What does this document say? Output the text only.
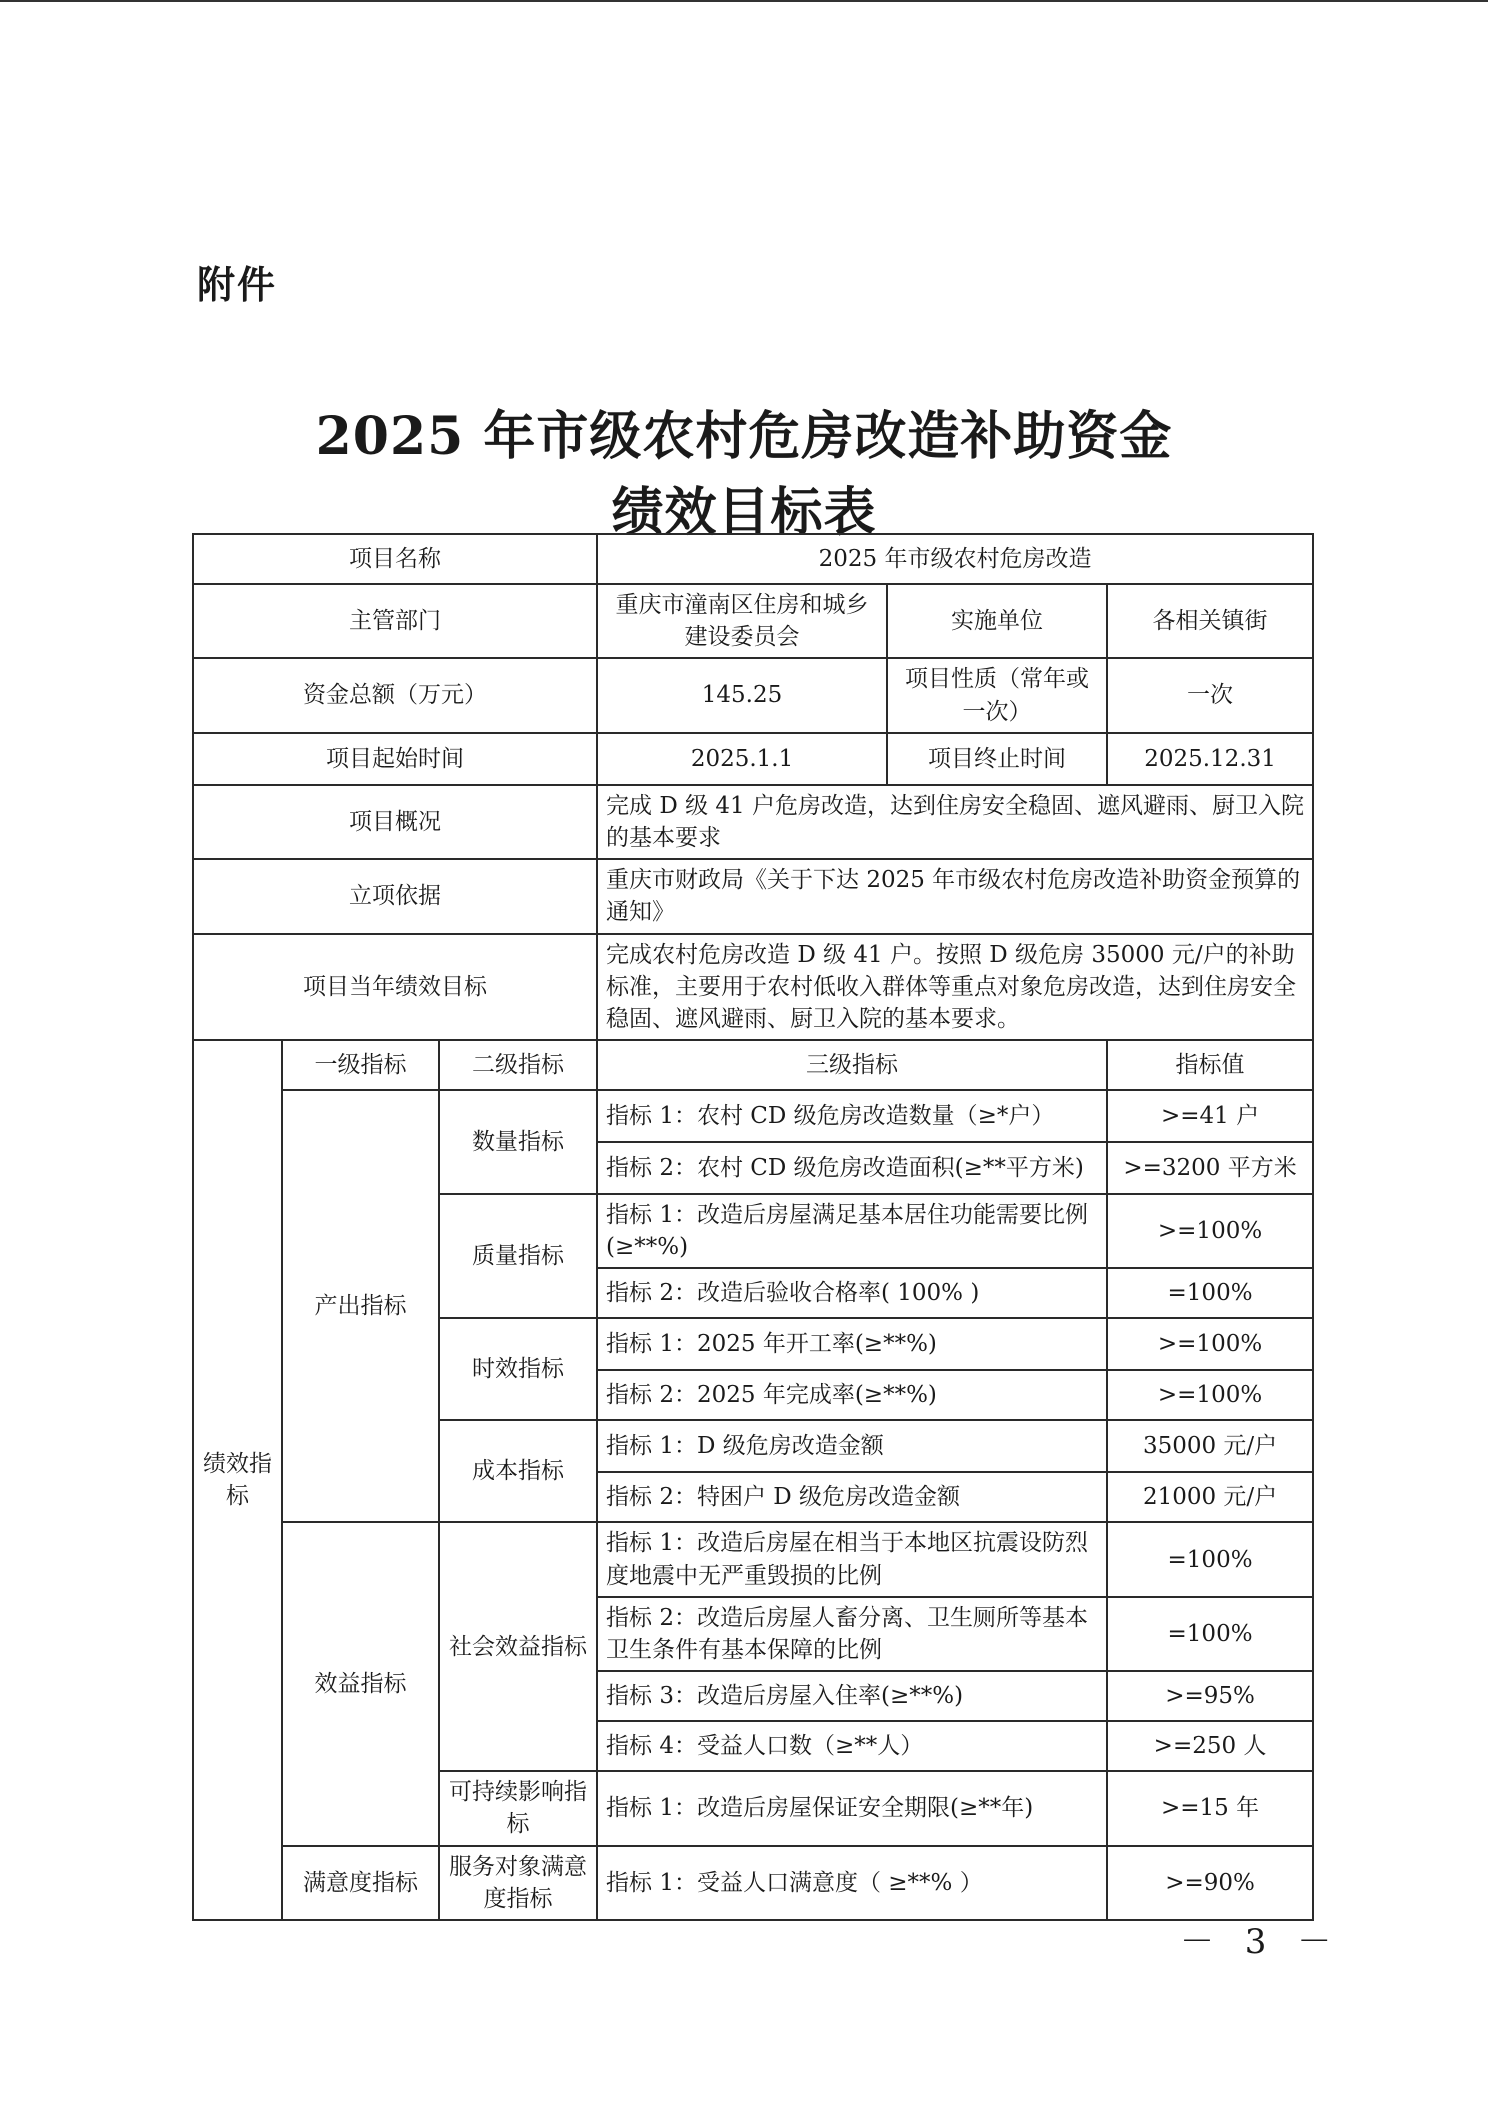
附件
2025 年市级农村危房改造补助资金
绩效目标表
项目名称			2025 年市级农村危房改造		
主管部门			重庆市潼南区住房和城乡建设委员会	实施单位	各相关镇街
资金总额（万元）			145.25	项目性质（常年或一次）	一次
项目起始时间			2025.1.1	项目终止时间	2025.12.31
项目概况			完成 D 级 41 户危房改造，达到住房安全稳固、遮风避雨、厨卫入院的基本要求		
立项依据			重庆市财政局《关于下达 2025 年市级农村危房改造补助资金预算的通知》		
项目当年绩效目标			完成农村危房改造 D 级 41 户。按照 D 级危房 35000 元/户的补助标准，主要用于农村低收入群体等重点对象危房改造，达到住房安全稳固、遮风避雨、厨卫入院的基本要求。		
绩效指标	一级指标	二级指标	三级指标		指标值
	产出指标	数量指标	指标 1：农村 CD 级危房改造数量（≥*户）		>=41 户
			指标 2：农村 CD 级危房改造面积(≥**平方米)		>=3200 平方米
		质量指标	指标 1：改造后房屋满足基本居住功能需要比例(≥**%)		>=100%
			指标 2：改造后验收合格率( 100% )		=100%
		时效指标	指标 1：2025 年开工率(≥**%)		>=100%
			指标 2：2025 年完成率(≥**%)		>=100%
		成本指标	指标 1：D 级危房改造金额		35000 元/户
			指标 2：特困户 D 级危房改造金额		21000 元/户
	效益指标	社会效益指标	指标 1：改造后房屋在相当于本地区抗震设防烈度地震中无严重毁损的比例		=100%
			指标 2：改造后房屋人畜分离、卫生厕所等基本卫生条件有基本保障的比例		=100%
			指标 3：改造后房屋入住率(≥**%)		>=95%
			指标 4：受益人口数（≥**人）		>=250 人
		可持续影响指标	指标 1：改造后房屋保证安全期限(≥**年)		>=15 年
	满意度指标	服务对象满意度指标	指标 1：受益人口满意度（ ≥**% ）		>=90%
－ 3 －
